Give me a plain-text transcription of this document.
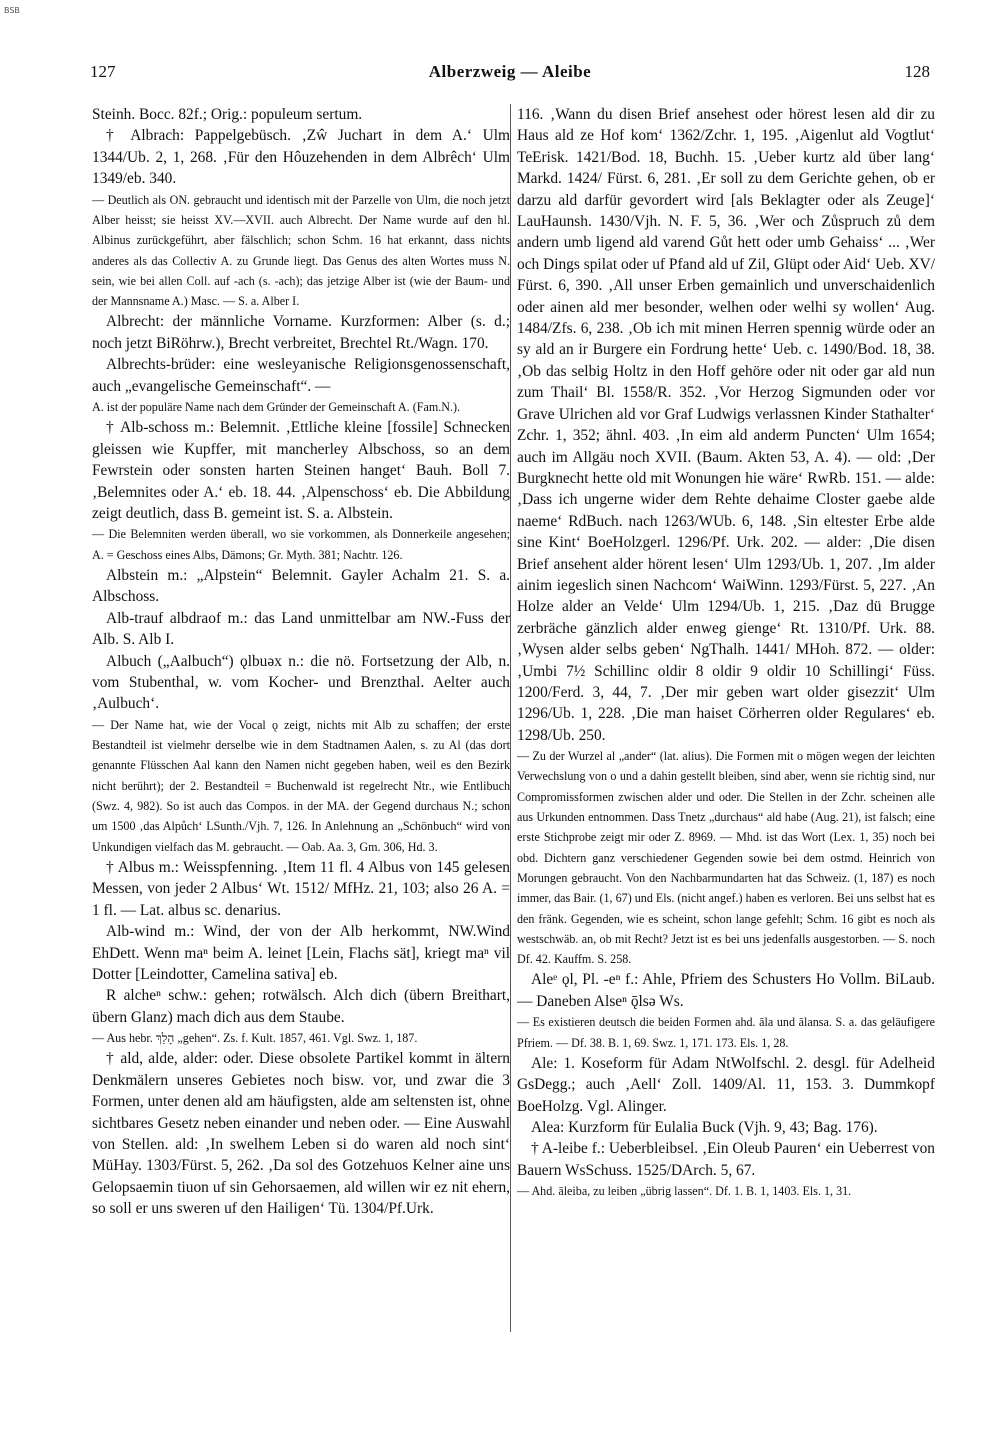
BSB
127	Alberzweig — Aleibe	128

Steinh. Bocc. 82f.; Orig.: populeum sertum.

† Albrach: Pappelgebüsch. ‚Zŵ Juchart in dem A.‘ Ulm 1344/Ub. 2, 1, 268. ‚Für den Hôuzehenden in dem Albrêch‘ Ulm 1349/eb. 340.

— Deutlich als ON. gebraucht und identisch mit der Parzelle von Ulm, die noch jetzt Alber heisst; sie heisst XV.—XVII. auch Albrecht. Der Name wurde auf den hl. Albinus zurückgeführt, aber fälschlich; schon Schm. 16 hat erkannt, dass nichts anderes als das Collectiv A. zu Grunde liegt. Das Genus des alten Wortes muss N. sein, wie bei allen Coll. auf -ach (s. -ach); das jetzige Alber ist (wie der Baum- und der Mannsname A.) Masc. — S. a. Alber I.

Albrecht: der männliche Vorname. Kurzformen: Alber (s. d.; noch jetzt BiRöhrw.), Brecht verbreitet, Brechtel Rt./Wagn. 170.

Albrechts-brüder: eine wesleyanische Religionsgenossenschaft, auch „evangelische Gemeinschaft“. —

A. ist der populäre Name nach dem Gründer der Gemeinschaft A. (Fam.N.).

† Alb-schoss m.: Belemnit. ‚Ettliche kleine [fossile] Schnecken gleissen wie Kupffer, mit mancherley Albschoss, so an dem Fewrstein oder sonsten harten Steinen hanget‘ Bauh. Boll 7. ‚Belemnites oder A.‘ eb. 18. 44. ‚Alpenschoss‘ eb. Die Abbildung zeigt deutlich, dass B. gemeint ist. S. a. Albstein.

— Die Belemniten werden überall, wo sie vorkommen, als Donnerkeile angesehen; A. = Geschoss eines Albs, Dämons; Gr. Myth. 381; Nachtr. 126.

Albstein m.: „Alpstein“ Belemnit. Gayler Achalm 21. S. a. Albschoss.

Alb-trauf albdraof m.: das Land unmittelbar am NW.-Fuss der Alb. S. Alb I.

Albuch („Aalbuch“) ǫlbuəx n.: die nö. Fortsetzung der Alb, n. vom Stubenthal, w. vom Kocher- und Brenzthal. Aelter auch ‚Aulbuch‘.

— Der Name hat, wie der Vocal ǫ zeigt, nichts mit Alb zu schaffen; der erste Bestandteil ist vielmehr derselbe wie in dem Stadtnamen Aalen, s. zu Al (das dort genannte Flüsschen Aal kann den Namen nicht gegeben haben, weil es den Bezirk nicht berührt); der 2. Bestandteil = Buchenwald ist regelrecht Ntr., wie Entlibuch (Swz. 4, 982). So ist auch das Compos. in der MA. der Gegend durchaus N.; schon um 1500 ‚das Alpůch‘ LSunth./Vjh. 7, 126. In Anlehnung an „Schönbuch“ wird von Unkundigen vielfach das M. gebraucht. — Oab. Aa. 3, Gm. 306, Hd. 3.

† Albus m.: Weisspfenning. ‚Item 11 fl. 4 Albus von 145 gelesen Messen, von jeder 2 Albus‘ Wt. 1512/ MfHz. 21, 103; also 26 A. = 1 fl. — Lat. albus sc. denarius.

Alb-wind m.: Wind, der von der Alb herkommt, NW.Wind EhDett. Wenn maⁿ beim A. leinet [Lein, Flachs sät], kriegt maⁿ vil Dotter [Leindotter, Camelina sativa] eb.

R alcheⁿ schw.: gehen; rotwälsch. Alch dich (übern Breithart, übern Glanz) mach dich aus dem Staube.

— Aus hebr. הָלַךְ „gehen“. Zs. f. Kult. 1857, 461. Vgl. Swz. 1, 187.

† ald, alde, alder: oder. Diese obsolete Partikel kommt in ältern Denkmälern unseres Gebietes noch bisw. vor, und zwar die 3 Formen, unter denen ald am häufigsten, alde am seltensten ist, ohne sichtbares Gesetz neben einander und neben oder. — Eine Auswahl von Stellen. ald: ‚In swelhem Leben si do waren ald noch sint‘ MüHay. 1303/Fürst. 5, 262. ‚Da sol des Gotzehuos Kelner aine uns Gelopsaemin tiuon uf sin Gehorsaemen, ald willen wir ez nit ehern, so soll er uns sweren uf den Hailigen‘ Tü. 1304/Pf.Urk.

116. ‚Wann du disen Brief ansehest oder hörest lesen ald dir zu Haus ald ze Hof kom‘ 1362/Zchr. 1, 195. ‚Aigenlut ald Vogtlut‘ TeErisk. 1421/Bod. 18, Buchh. 15. ‚Ueber kurtz ald über lang‘ Markd. 1424/ Fürst. 6, 281. ‚Er soll zu dem Gerichte gehen, ob er darzu ald darfür gevordert wird [als Beklagter oder als Zeuge]‘ LauHaunsh. 1430/Vjh. N. F. 5, 36. ‚Wer och Zůspruch zů dem andern umb ligend ald varend Gůt hett oder umb Gehaiss‘ ... ‚Wer och Dings spilat oder uf Pfand ald uf Zil, Glüpt oder Aid‘ Ueb. XV/ Fürst. 6, 390. ‚All unser Erben gemainlich und unverschaidenlich oder ainen ald mer besonder, welhen oder welhi sy wollen‘ Aug. 1484/Zfs. 6, 238. ‚Ob ich mit minen Herren spennig würde oder an sy ald an ir Burgere ein Fordrung hette‘ Ueb. c. 1490/Bod. 18, 38. ‚Ob das selbig Holtz in den Hoff gehöre oder nit oder gar ald nun zum Thail‘ Bl. 1558/R. 352. ‚Vor Herzog Sigmunden oder vor Grave Ulrichen ald vor Graf Ludwigs verlassnen Kinder Stathalter‘ Zchr. 1, 352; ähnl. 403. ‚In eim ald anderm Puncten‘ Ulm 1654; auch im Allgäu noch XVII. (Baum. Akten 53, A. 4). — old: ‚Der Burgknecht hette old mit Wonungen hie wäre‘ RwRb. 151. — alde: ‚Dass ich ungerne wider dem Rehte dehaime Closter gaebe alde naeme‘ RdBuch. nach 1263/WUb. 6, 148. ‚Sin eltester Erbe alde sine Kint‘ BoeHolzgerl. 1296/Pf. Urk. 202. — alder: ‚Die disen Brief ansehent alder hörent lesen‘ Ulm 1293/Ub. 1, 207. ‚Im alder ainim iegeslich sinen Nachcom‘ WaiWinn. 1293/Fürst. 5, 227. ‚An Holze alder an Velde‘ Ulm 1294/Ub. 1, 215. ‚Daz dü Brugge zerbräche gänzlich alder enweg gienge‘ Rt. 1310/Pf. Urk. 88. ‚Wysen alder selbs geben‘ NgThalh. 1441/ MHoh. 872. — older: ‚Umbi 7½ Schillinc oldir 8 oldir 9 oldir 10 Schillingi‘ Füss. 1200/Ferd. 3, 44, 7. ‚Der mir geben wart older gisezzit‘ Ulm 1296/Ub. 1, 228. ‚Die man haiset Cörherren older Regulares‘ eb. 1298/Ub. 250.

— Zu der Wurzel al „ander“ (lat. alius). Die Formen mit o mögen wegen der leichten Verwechslung von o und a dahin gestellt bleiben, sind aber, wenn sie richtig sind, nur Compromissformen zwischen alder und oder. Die Stellen in der Zchr. scheinen alle aus Urkunden entnommen. Dass Tnetz „durchaus“ ald habe (Aug. 21), ist falsch; eine erste Stichprobe zeigt mir oder Z. 8969. — Mhd. ist das Wort (Lex. 1, 35) noch bei obd. Dichtern ganz verschiedener Gegenden sowie bei dem ostmd. Heinrich von Morungen gebraucht. Von den Nachbarmundarten hat das Schweiz. (1, 187) es noch immer, das Bair. (1, 67) und Els. (nicht angef.) haben es verloren. Bei uns selbst hat es den fränk. Gegenden, wie es scheint, schon lange gefehlt; Schm. 16 gibt es noch als westschwäb. an, ob mit Recht? Jetzt ist es bei uns jedenfalls ausgestorben. — S. noch Df. 42. Kauffm. S. 258.

Aleᵉ ǫl, Pl. -eⁿ f.: Ahle, Pfriem des Schusters Ho Vollm. BiLaub. — Daneben Alseⁿ ǭlsə Ws.

— Es existieren deutsch die beiden Formen ahd. āla und ālansa. S. a. das geläufigere Pfriem. — Df. 38. B. 1, 69. Swz. 1, 171. 173. Els. 1, 28.

Ale: 1. Koseform für Adam NtWolfschl. 2. desgl. für Adelheid GsDegg.; auch ‚Aell‘ Zoll. 1409/Al. 11, 153. 3. Dummkopf BoeHolzg. Vgl. Alinger.

Alea: Kurzform für Eulalia Buck (Vjh. 9, 43; Bag. 176).

† A-leibe f.: Ueberbleibsel. ‚Ein Oleub Pauren‘ ein Ueberrest von Bauern WsSchuss. 1525/DArch. 5, 67.

— Ahd. āleiba, zu leiben „übrig lassen“. Df. 1. B. 1, 1403. Els. 1, 31.
